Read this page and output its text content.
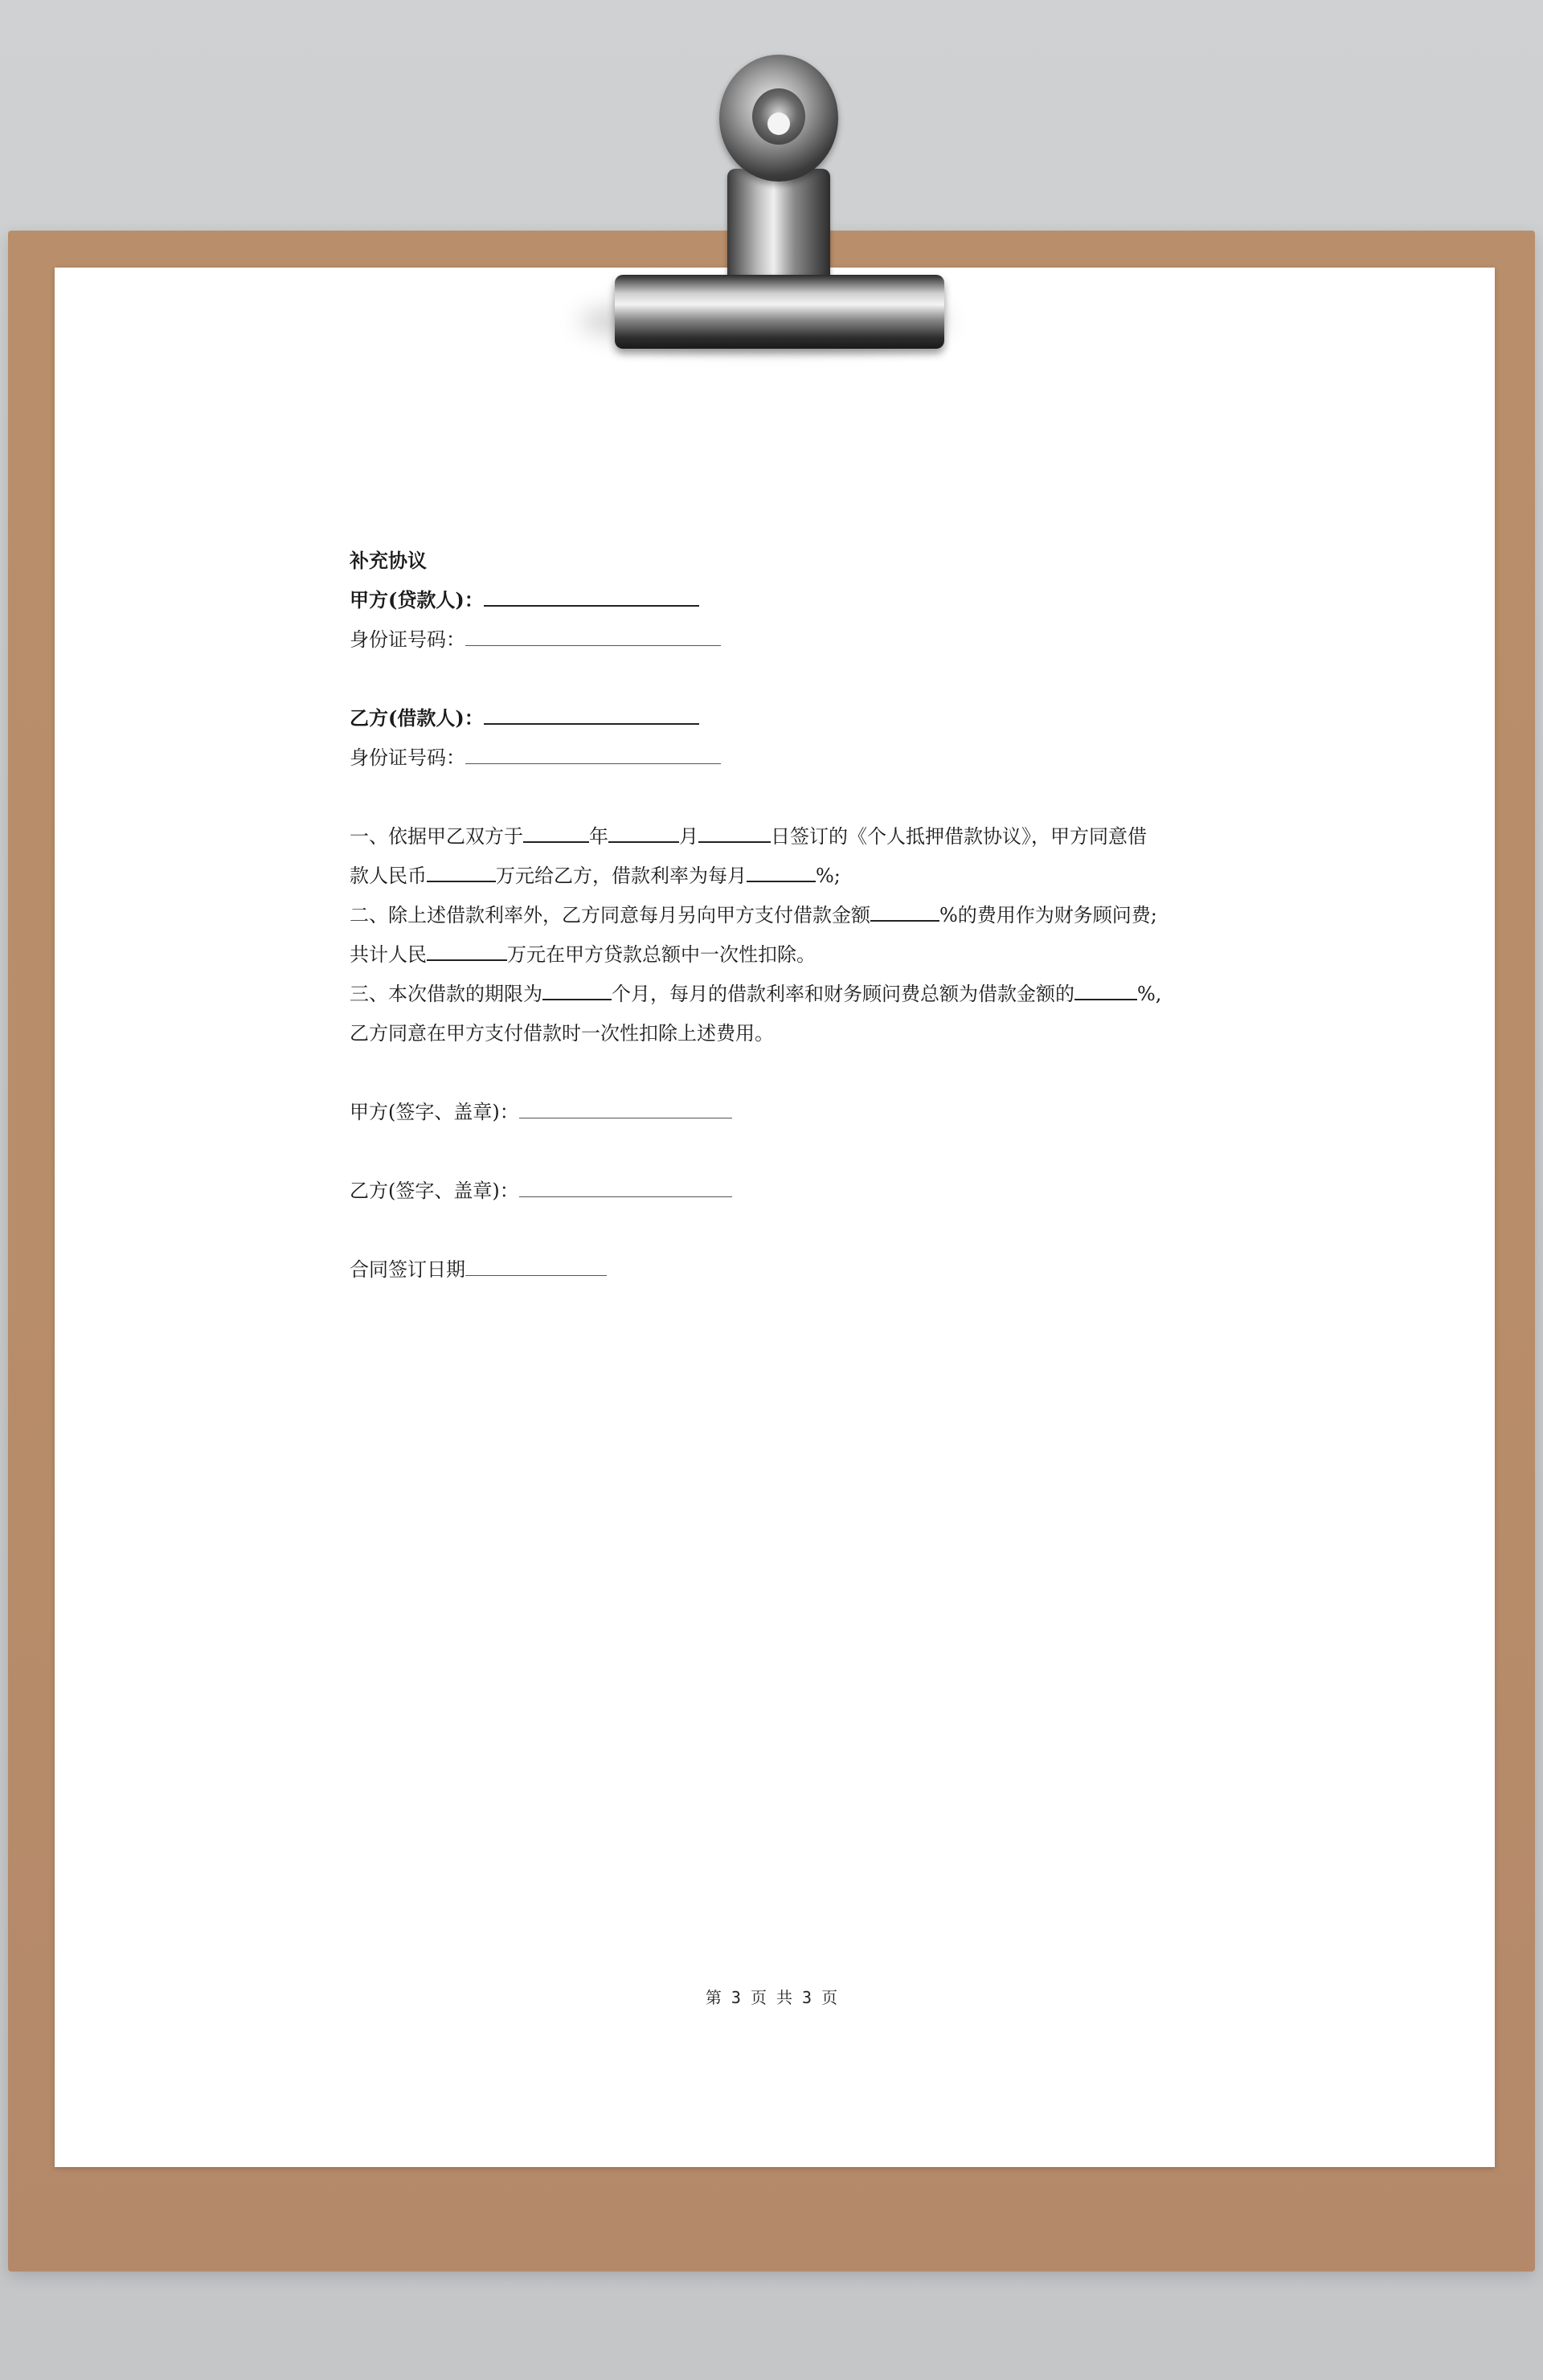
补充协议
甲方(贷款人)：
身份证号码：
乙方(借款人)：
身份证号码：
一、依据甲乙双方于	年	月	日签订的《个人抵押借款协议》，甲方同意借
款人民币	万元给乙方，借款利率为每月	%;
二、除上述借款利率外，乙方同意每月另向甲方支付借款金额	%的费用作为财务顾问费;
共计人民	万元在甲方贷款总额中一次性扣除。
三、本次借款的期限为	个月，每月的借款利率和财务顾问费总额为借款金额的	%,
乙方同意在甲方支付借款时一次性扣除上述费用。
甲方(签字、盖章)：
乙方(签字、盖章)：
合同签订日期
第 3 页 共 3 页
